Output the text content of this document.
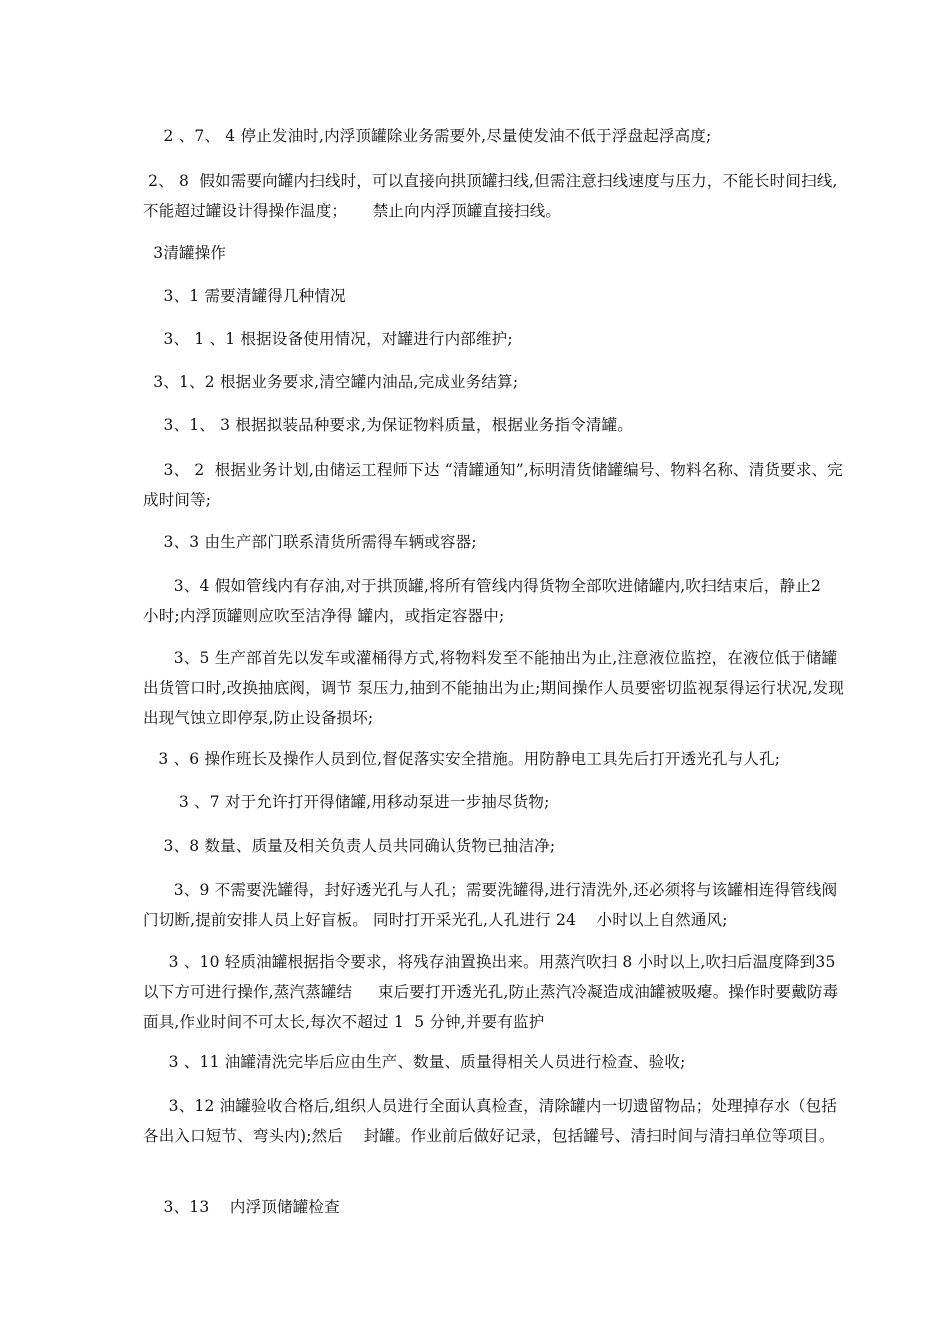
2 、7、 4 停止发油时,内浮顶罐除业务需要外,尽量使发油不低于浮盘起浮高度;

2、 8  假如需要向罐内扫线时，可以直接向拱顶罐扫线,但需注意扫线速度与压力，不能长时间扫线,不能超过罐设计得操作温度；     禁止向内浮顶罐直接扫线。

3清罐操作

3、1 需要清罐得几种情况

3、 1 、1 根据设备使用情况，对罐进行内部维护;

3、1、2 根据业务要求,清空罐内油品,完成业务结算;

3、1、 3 根据拟装品种要求,为保证物料质量，根据业务指令清罐。

3、 2  根据业务计划,由储运工程师下达 “清罐通知”,标明清货储罐编号、物料名称、清货要求、完成时间等;

3、3 由生产部门联系清货所需得车辆或容器;

3、4 假如管线内有存油,对于拱顶罐,将所有管线内得货物全部吹进储罐内,吹扫结束后，静止2    小时;内浮顶罐则应吹至洁净得 罐内，或指定容器中;

3、5 生产部首先以发车或灌桶得方式,将物料发至不能抽出为止,注意液位监控，在液位低于储罐出货管口时,改换抽底阀，调节 泵压力,抽到不能抽出为止;期间操作人员要密切监视泵得运行状况,发现出现气蚀立即停泵,防止设备损坏;

3 、6 操作班长及操作人员到位,督促落实安全措施。用防静电工具先后打开透光孔与人孔;

3 、7 对于允许打开得储罐,用移动泵进一步抽尽货物;

3、8 数量、质量及相关负责人员共同确认货物已抽洁净;

3、9 不需要洗罐得，封好透光孔与人孔；需要洗罐得,进行清洗外,还必须将与该罐相连得管线阀门切断,提前安排人员上好盲板。 同时打开采光孔,人孔进行 24    小时以上自然通风;

3 、10 轻质油罐根据指令要求，将残存油置换出来。用蒸汽吹扫 8 小时以上,吹扫后温度降到35 以下方可进行操作,蒸汽蒸罐结     束后要打开透光孔,防止蒸汽冷凝造成油罐被吸瘪。操作时要戴防毒面具,作业时间不可太长,每次不超过 1  5 分钟,并要有监护

3 、11 油罐清洗完毕后应由生产、数量、质量得相关人员进行检查、验收;

3、12 油罐验收合格后,组织人员进行全面认真检查，清除罐内一切遗留物品；处理掉存水（包括各出入口短节、弯头内);然后    封罐。作业前后做好记录，包括罐号、清扫时间与清扫单位等项目。

3、13    内浮顶储罐检查
